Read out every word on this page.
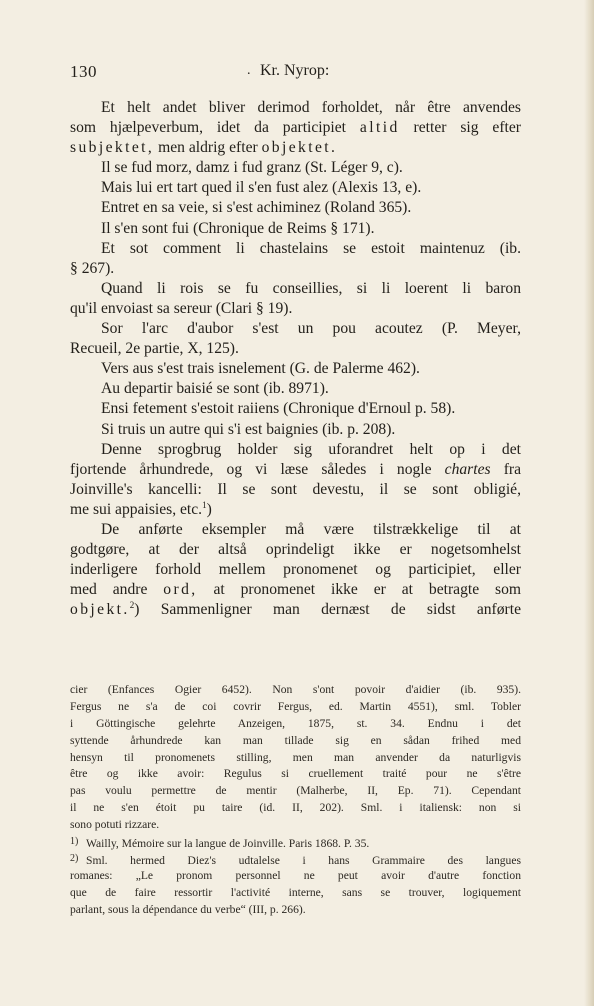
130	. Kr. Nyrop:
Et helt andet bliver derimod forholdet, når être anvendes
som hjælpeverbum, idet da participiet altid retter sig efter
subjektet, men aldrig efter objektet.
Il se fud morz, damz i fud granz (St. Léger 9, c).
Mais lui ert tart qued il s'en fust alez (Alexis 13, e).
Entret en sa veie, si s'est achiminez (Roland 365).
Il s'en sont fui (Chronique de Reims § 171).
Et sot comment li chastelains se estoit maintenuz (ib.
§ 267).
Quand li rois se fu conseillies, si li loerent li baron
qu'il envoiast sa sereur (Clari § 19).
Sor l'arc d'aubor s'est un pou acoutez (P. Meyer,
Recueil, 2e partie, X, 125).
Vers aus s'est trais isnelement (G. de Palerme 462).
Au departir baisié se sont (ib. 8971).
Ensi fetement s'estoit raiiens (Chronique d'Ernoul p. 58).
Si truis un autre qui s'i est baignies (ib. p. 208).
Denne sprogbrug holder sig uforandret helt op i det
fjortende århundrede, og vi læse således i nogle chartes fra
Joinville's kancelli: Il se sont devestu, il se sont obligié,
me sui appaisies, etc.$^1$)
De anførte eksempler må være tilstrækkelige til at
godtgøre, at der altså oprindeligt ikke er nogetsomhelst
inderligere forhold mellem pronomenet og participiet, eller
med andre ord, at pronomenet ikke er at betragte som
objekt.$^2$) Sammenligner man dernæst de sidst anførte
cier (Enfances Ogier 6452). Non s'ont povoir d'aidier (ib. 935).
Fergus ne s'a de coi covrir Fergus, ed. Martin 4551), sml. Tobler
i Göttingische gelehrte Anzeigen, 1875, st. 34. Endnu i det
syttende århundrede kan man tillade sig en sådan frihed med
hensyn til pronomenets stilling, men man anvender da naturligvis
être og ikke avoir: Regulus si cruellement traité pour ne s'être
pas voulu permettre de mentir (Malherbe, II, Ep. 71). Cependant
il ne s'en étoit pu taire (id. II, 202). Sml. i italiensk: non si
sono potuti rizzare.
1) Wailly, Mémoire sur la langue de Joinville. Paris 1868. P. 35.
2) Sml. hermed Diez's udtalelse i hans Grammaire des langues
romanes: „Le pronom personnel ne peut avoir d'autre fonction
que de faire ressortir l'activité interne, sans se trouver, logiquement
parlant, sous la dépendance du verbe“ (III, p. 266).
